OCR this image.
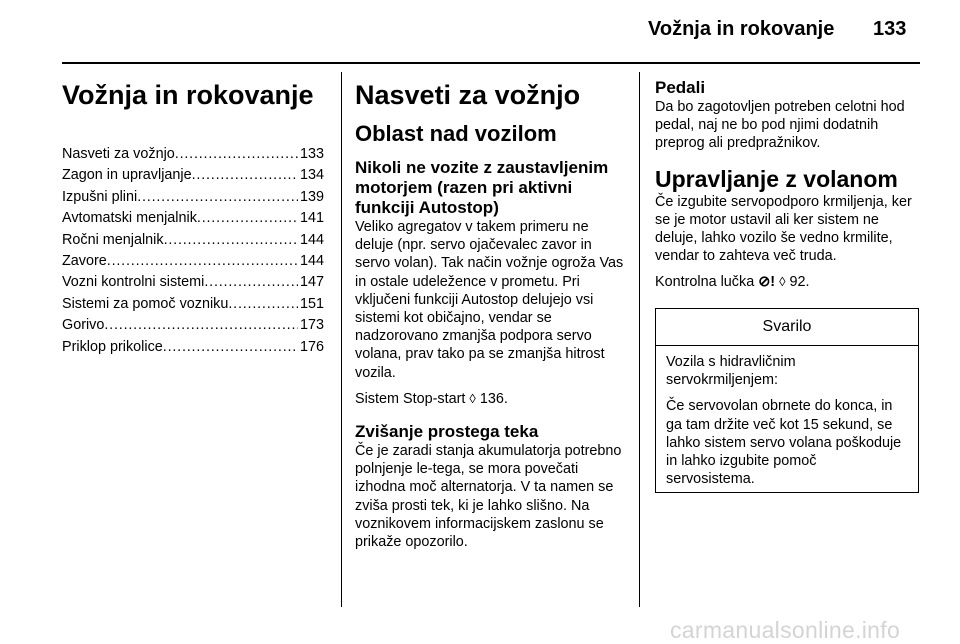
Vožnja in rokovanje 133
Vožnja in rokovanje
Nasveti za vožnjo . . .	133
Zagon in upravljanje . . .	134
Izpušni plini . . .	139
Avtomatski menjalnik . . .	141
Ročni menjalnik . . .	144
Zavore . . .	144
Vozni kontrolni sistemi . . .	147
Sistemi za pomoč vozniku . . .	151
Gorivo . . .	173
Priklop prikolice . . .	176
Nasveti za vožnjo
Oblast nad vozilom
Nikoli ne vozite z zaustavljenim motorjem (razen pri aktivni funkciji Autostop)
Veliko agregatov v takem primeru ne deluje (npr. servo ojačevalec zavor in servo volan). Tak način vožnje ogroža Vas in ostale udeležence v prometu. Pri vključeni funkciji Autostop delujejo vsi sistemi kot običajno, vendar se nadzorovano zmanjša podpora servo volana, prav tako pa se zmanjša hitrost vozila.
Sistem Stop-start ◊ 136.
Zvišanje prostega teka
Če je zaradi stanja akumulatorja potrebno polnjenje le-tega, se mora povečati izhodna moč alternatorja. V ta namen se zviša prosti tek, ki je lahko slišno. Na voznikovem informacijskem zaslonu se prikaže opozorilo.
Pedali
Da bo zagotovljen potreben celotni hod pedal, naj ne bo pod njimi dodatnih preprog ali predpražnikov.
Upravljanje z volanom
Če izgubite servopodporo krmiljenja, ker se je motor ustavil ali ker sistem ne deluje, lahko vozilo še vedno krmilite, vendar to zahteva več truda.
Kontrolna lučka ⊘! ◊ 92.
Svarilo
Vozila s hidravličnim servokrmiljenjem:
Če servovolan obrnete do konca, in ga tam držite več kot 15 sekund, se lahko sistem servo volana poškoduje in lahko izgubite pomoč servosistema.
carmanualsonline.info
